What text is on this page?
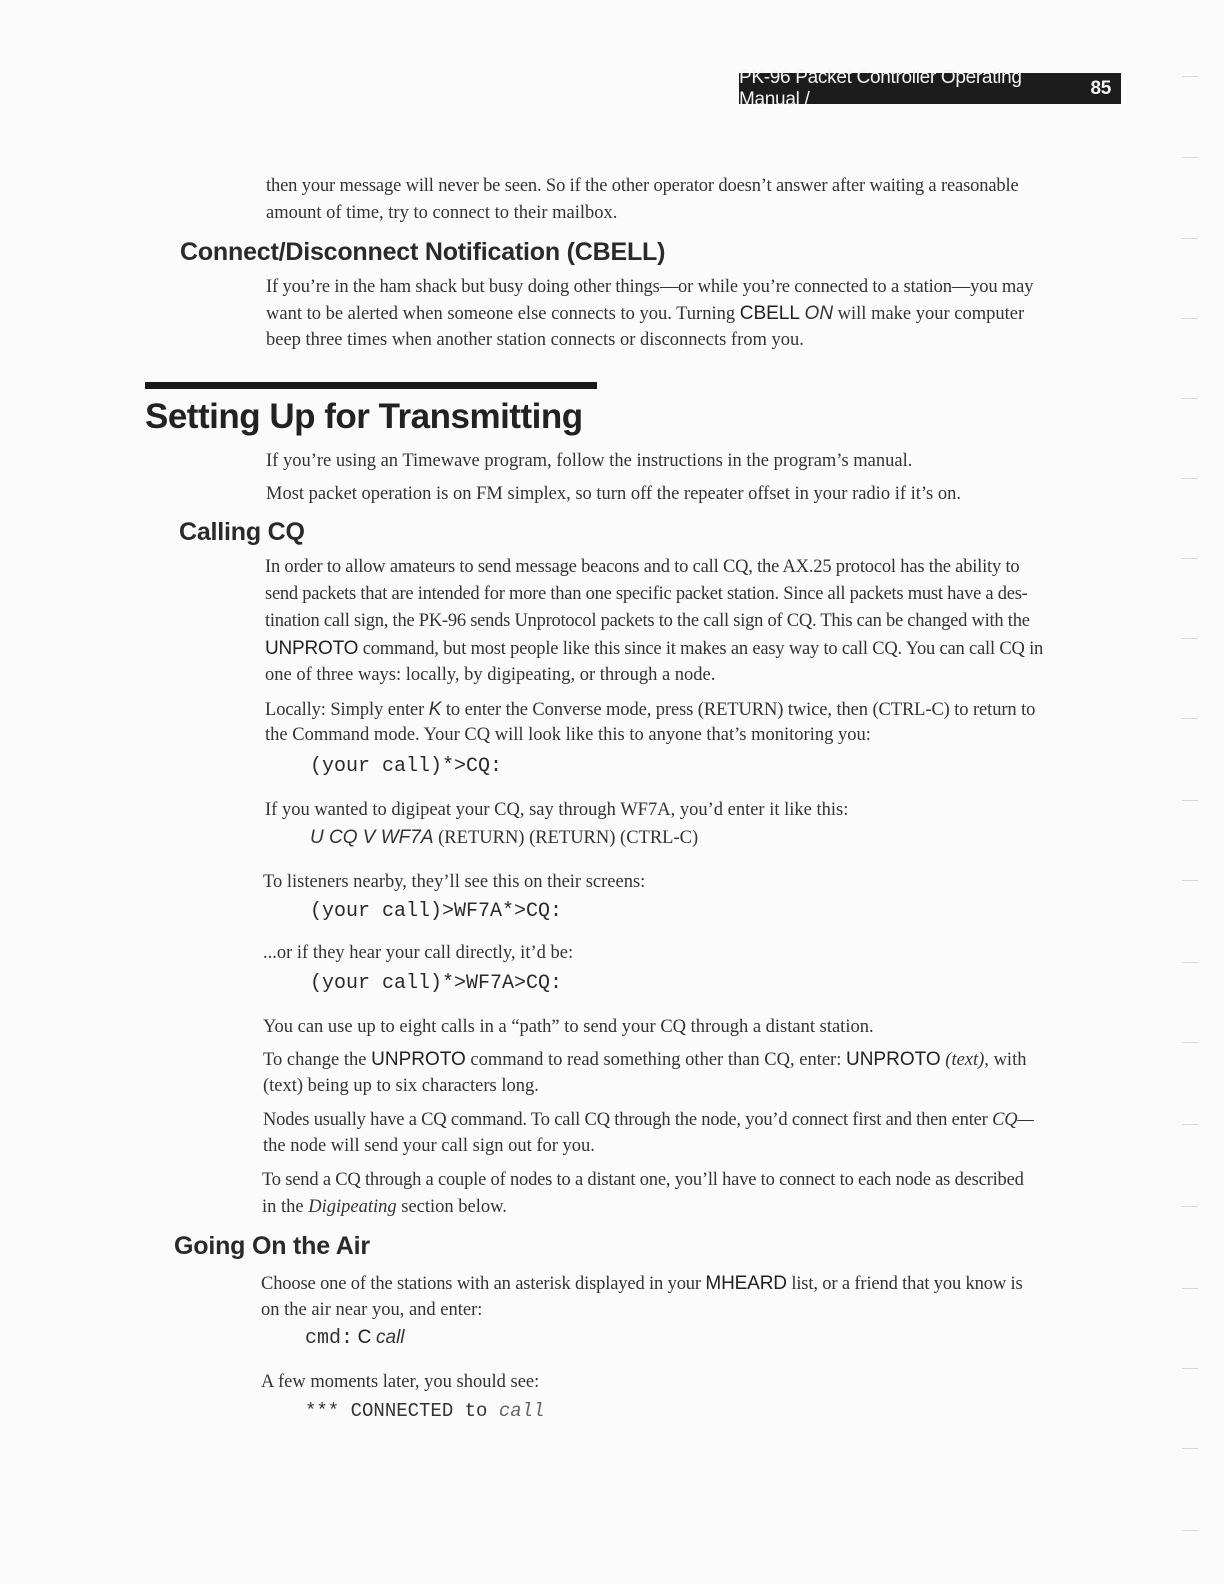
PK-96 Packet Controller Operating Manual /
85
then your message will never be seen. So if the other operator doesn’t answer after waiting a reasonable
amount of time, try to connect to their mailbox.
Connect/Disconnect Notification (CBELL)
If you’re in the ham shack but busy doing other things—or while you’re connected to a station—you may
want to be alerted when someone else connects to you. Turning CBELL ON will make your computer
beep three times when another station connects or disconnects from you.
Setting Up for Transmitting
If you’re using an Timewave program, follow the instructions in the program’s manual.
Most packet operation is on FM simplex, so turn off the repeater offset in your radio if it’s on.
Calling CQ
In order to allow amateurs to send message beacons and to call CQ, the AX.25 protocol has the ability to
send packets that are intended for more than one specific packet station. Since all packets must have a des-
tination call sign, the PK-96 sends Unprotocol packets to the call sign of CQ. This can be changed with the
UNPROTO command, but most people like this since it makes an easy way to call CQ. You can call CQ in
one of three ways: locally, by digipeating, or through a node.
Locally: Simply enter K to enter the Converse mode, press (RETURN) twice, then (CTRL-C) to return to
the Command mode. Your CQ will look like this to anyone that’s monitoring you:
(your call)*>CQ:
If you wanted to digipeat your CQ, say through WF7A, you’d enter it like this:
U CQ V WF7A (RETURN) (RETURN) (CTRL-C)
To listeners nearby, they’ll see this on their screens:
(your call)>WF7A*>CQ:
...or if they hear your call directly, it’d be:
(your call)*>WF7A>CQ:
You can use up to eight calls in a “path” to send your CQ through a distant station.
To change the UNPROTO command to read something other than CQ, enter: UNPROTO (text), with
(text) being up to six characters long.
Nodes usually have a CQ command. To call CQ through the node, you’d connect first and then enter CQ—
the node will send your call sign out for you.
To send a CQ through a couple of nodes to a distant one, you’ll have to connect to each node as described
in the Digipeating section below.
Going On the Air
Choose one of the stations with an asterisk displayed in your MHEARD list, or a friend that you know is
on the air near you, and enter:
cmd: C call
A few moments later, you should see:
*** CONNECTED to call
